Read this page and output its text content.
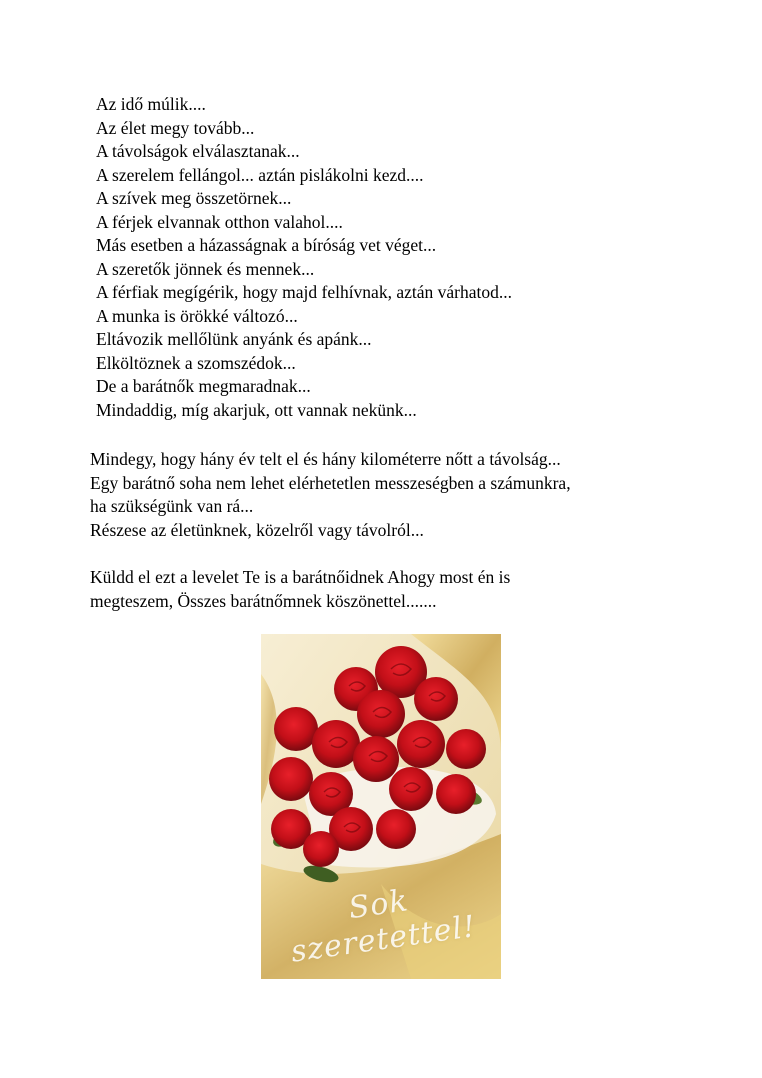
Az idő múlik....
Az élet megy tovább...
A távolságok elválasztanak...
A szerelem fellángol... aztán pislákolni kezd....
A szívek meg összetörnek...
A férjek elvannak otthon valahol....
Más esetben a házasságnak a bíróság vet véget...
A szeretők jönnek és mennek...
A férfiak megígérik, hogy majd felhívnak, aztán várhatod...
A munka is örökké változó...
Eltávozik mellőlünk anyánk és apánk...
Elköltöznek a szomszédok...
De a barátnők megmaradnak...
Mindaddig, míg akarjuk, ott vannak nekünk...
Mindegy, hogy hány év telt el és hány kilométerre nőtt a távolság...
Egy barátnő soha nem lehet elérhetetlen messzeségben a számunkra,
ha szükségünk van rá...
Részese az életünknek, közelről vagy távolról...
Küldd el ezt a levelet Te is a barátnőidnek Ahogy most én is
megteszem, Összes barátnőmnek köszönettel.......
Sok szeretettel!
